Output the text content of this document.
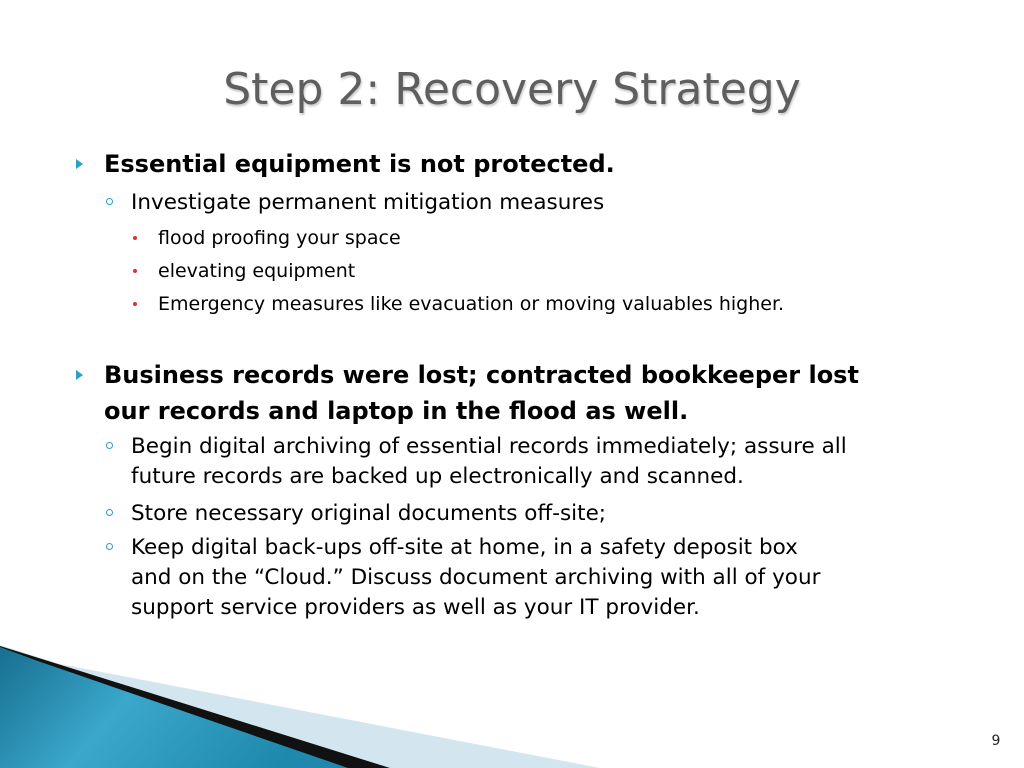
Step 2: Recovery Strategy
Essential equipment is not protected.
Investigate permanent mitigation measures
flood proofing your space
elevating equipment
Emergency measures like evacuation or moving valuables higher.
Business records were lost; contracted bookkeeper lost
our records and laptop in the flood as well.
Begin digital archiving of essential records immediately; assure all
future records are backed up electronically and scanned.
Store necessary original documents off-site;
Keep digital back-ups off-site at home, in a safety deposit box
and on the “Cloud.” Discuss document archiving with all of your
support service providers as well as your IT provider.
9
